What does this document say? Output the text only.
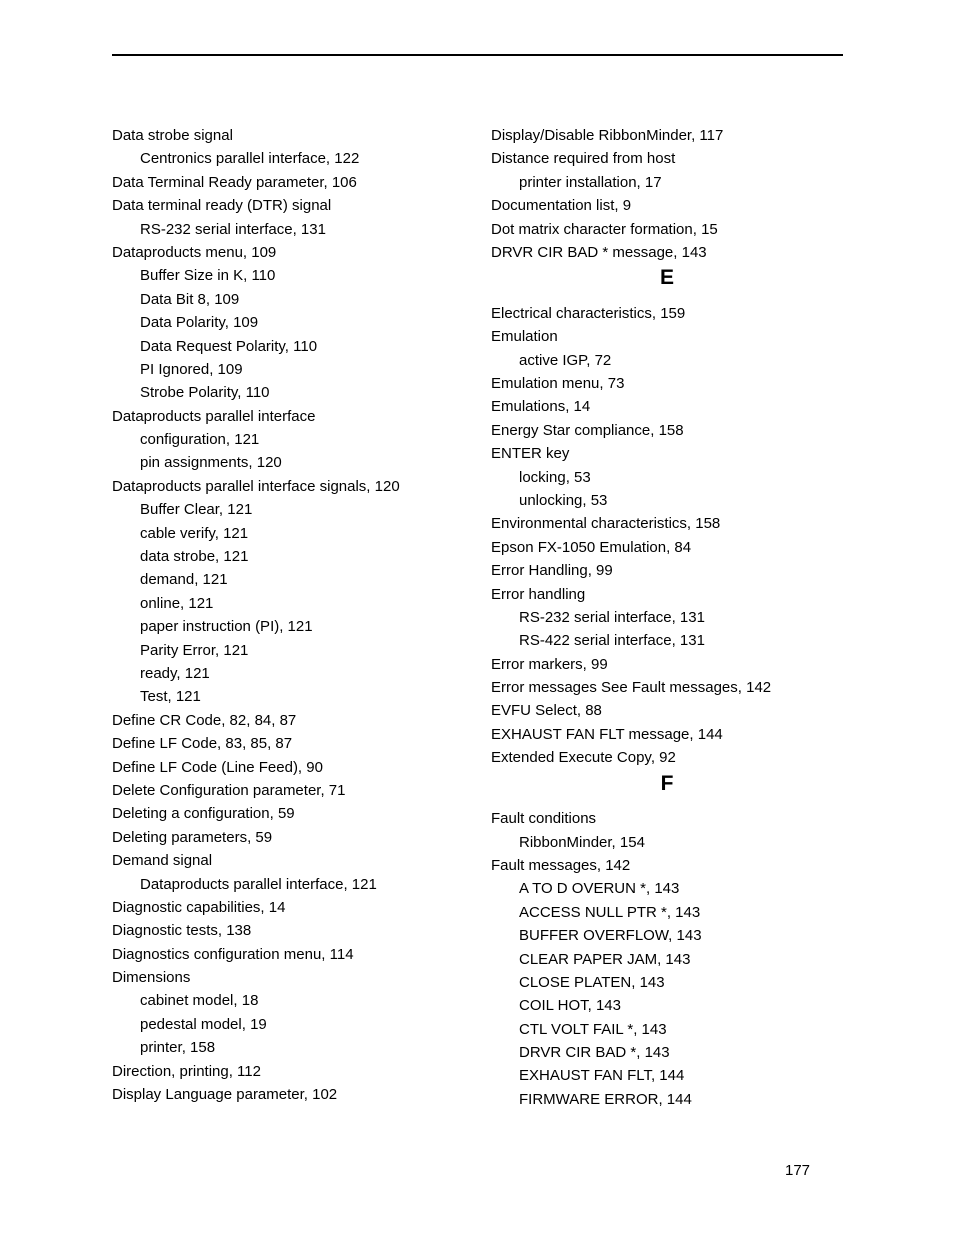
Data strobe signal
Centronics parallel interface, 122
Data Terminal Ready parameter, 106
Data terminal ready (DTR) signal
RS-232 serial interface, 131
Dataproducts menu, 109
Buffer Size in K, 110
Data Bit 8, 109
Data Polarity, 109
Data Request Polarity, 110
PI Ignored, 109
Strobe Polarity, 110
Dataproducts parallel interface
configuration, 121
pin assignments, 120
Dataproducts parallel interface signals, 120
Buffer Clear, 121
cable verify, 121
data strobe, 121
demand, 121
online, 121
paper instruction (PI), 121
Parity Error, 121
ready, 121
Test, 121
Define CR Code, 82, 84, 87
Define LF Code, 83, 85, 87
Define LF Code (Line Feed), 90
Delete Configuration parameter, 71
Deleting a configuration, 59
Deleting parameters, 59
Demand signal
Dataproducts parallel interface, 121
Diagnostic capabilities, 14
Diagnostic tests, 138
Diagnostics configuration menu, 114
Dimensions
cabinet model, 18
pedestal model, 19
printer, 158
Direction, printing, 112
Display Language parameter, 102
Display/Disable RibbonMinder, 117
Distance required from host
printer installation, 17
Documentation list, 9
Dot matrix character formation, 15
DRVR CIR BAD * message, 143
E
Electrical characteristics, 159
Emulation
active IGP, 72
Emulation menu, 73
Emulations, 14
Energy Star compliance, 158
ENTER key
locking, 53
unlocking, 53
Environmental characteristics, 158
Epson FX-1050 Emulation, 84
Error Handling, 99
Error handling
RS-232 serial interface, 131
RS-422 serial interface, 131
Error markers, 99
Error messages See Fault messages, 142
EVFU Select, 88
EXHAUST FAN FLT message, 144
Extended Execute Copy, 92
F
Fault conditions
RibbonMinder, 154
Fault messages, 142
A TO D OVERUN *, 143
ACCESS NULL PTR *, 143
BUFFER OVERFLOW, 143
CLEAR PAPER JAM, 143
CLOSE PLATEN, 143
COIL HOT, 143
CTL VOLT FAIL *, 143
DRVR CIR BAD *, 143
EXHAUST FAN FLT, 144
FIRMWARE ERROR, 144
177
